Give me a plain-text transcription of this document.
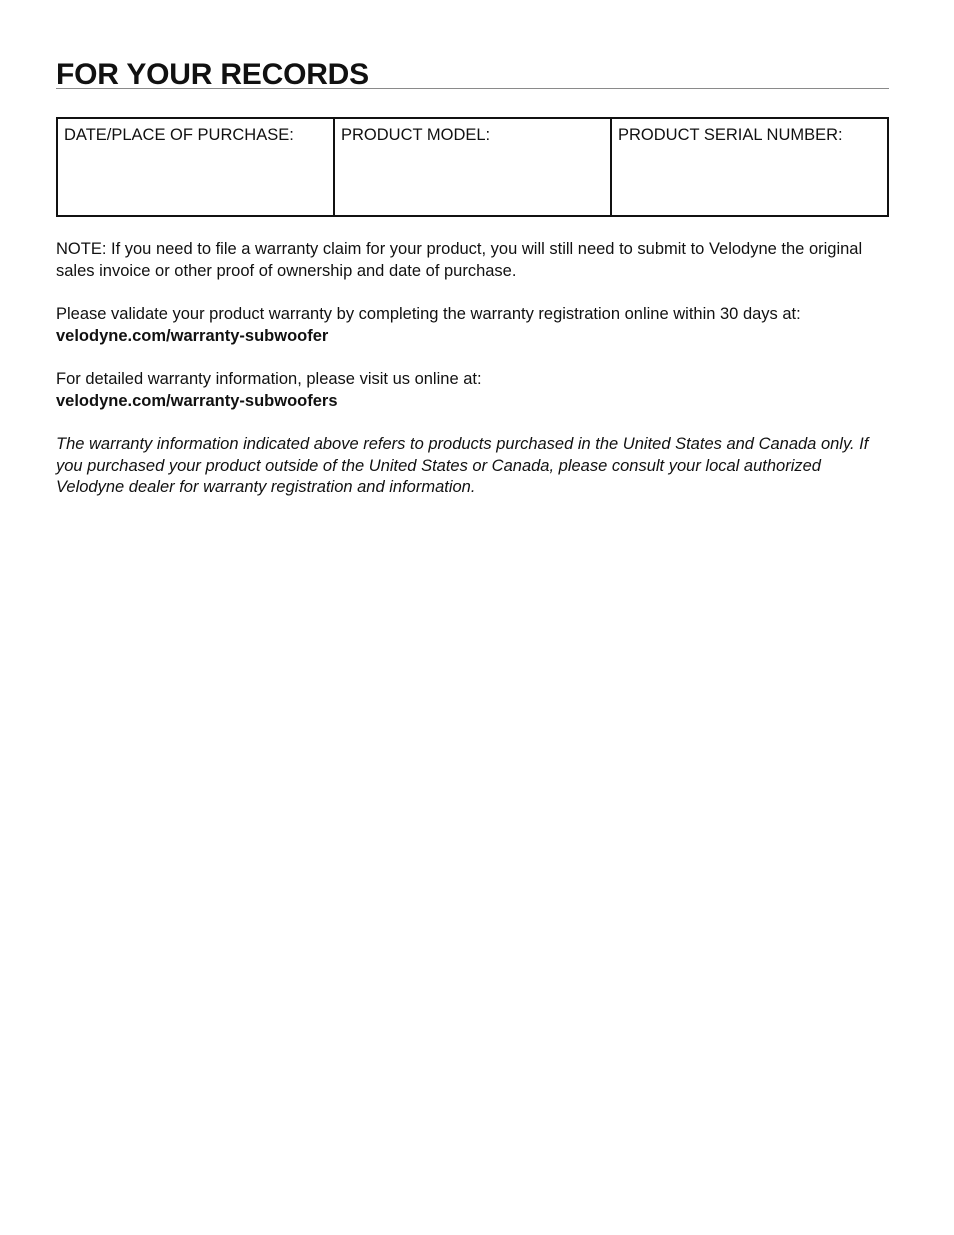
FOR YOUR RECORDS
DATE/PLACE OF PURCHASE:	PRODUCT MODEL:	PRODUCT SERIAL NUMBER:

NOTE: If you need to file a warranty claim for your product, you will still need to submit to Velodyne the original sales invoice or other proof of ownership and date of purchase.

Please validate your product warranty by completing the warranty registration online within 30 days at:
velodyne.com/warranty-subwoofer

For detailed warranty information, please visit us online at:
velodyne.com/warranty-subwoofers

The warranty information indicated above refers to products purchased in the United States and Canada only. If you purchased your product outside of the United States or Canada, please consult your local authorized Velodyne dealer for warranty registration and information.
